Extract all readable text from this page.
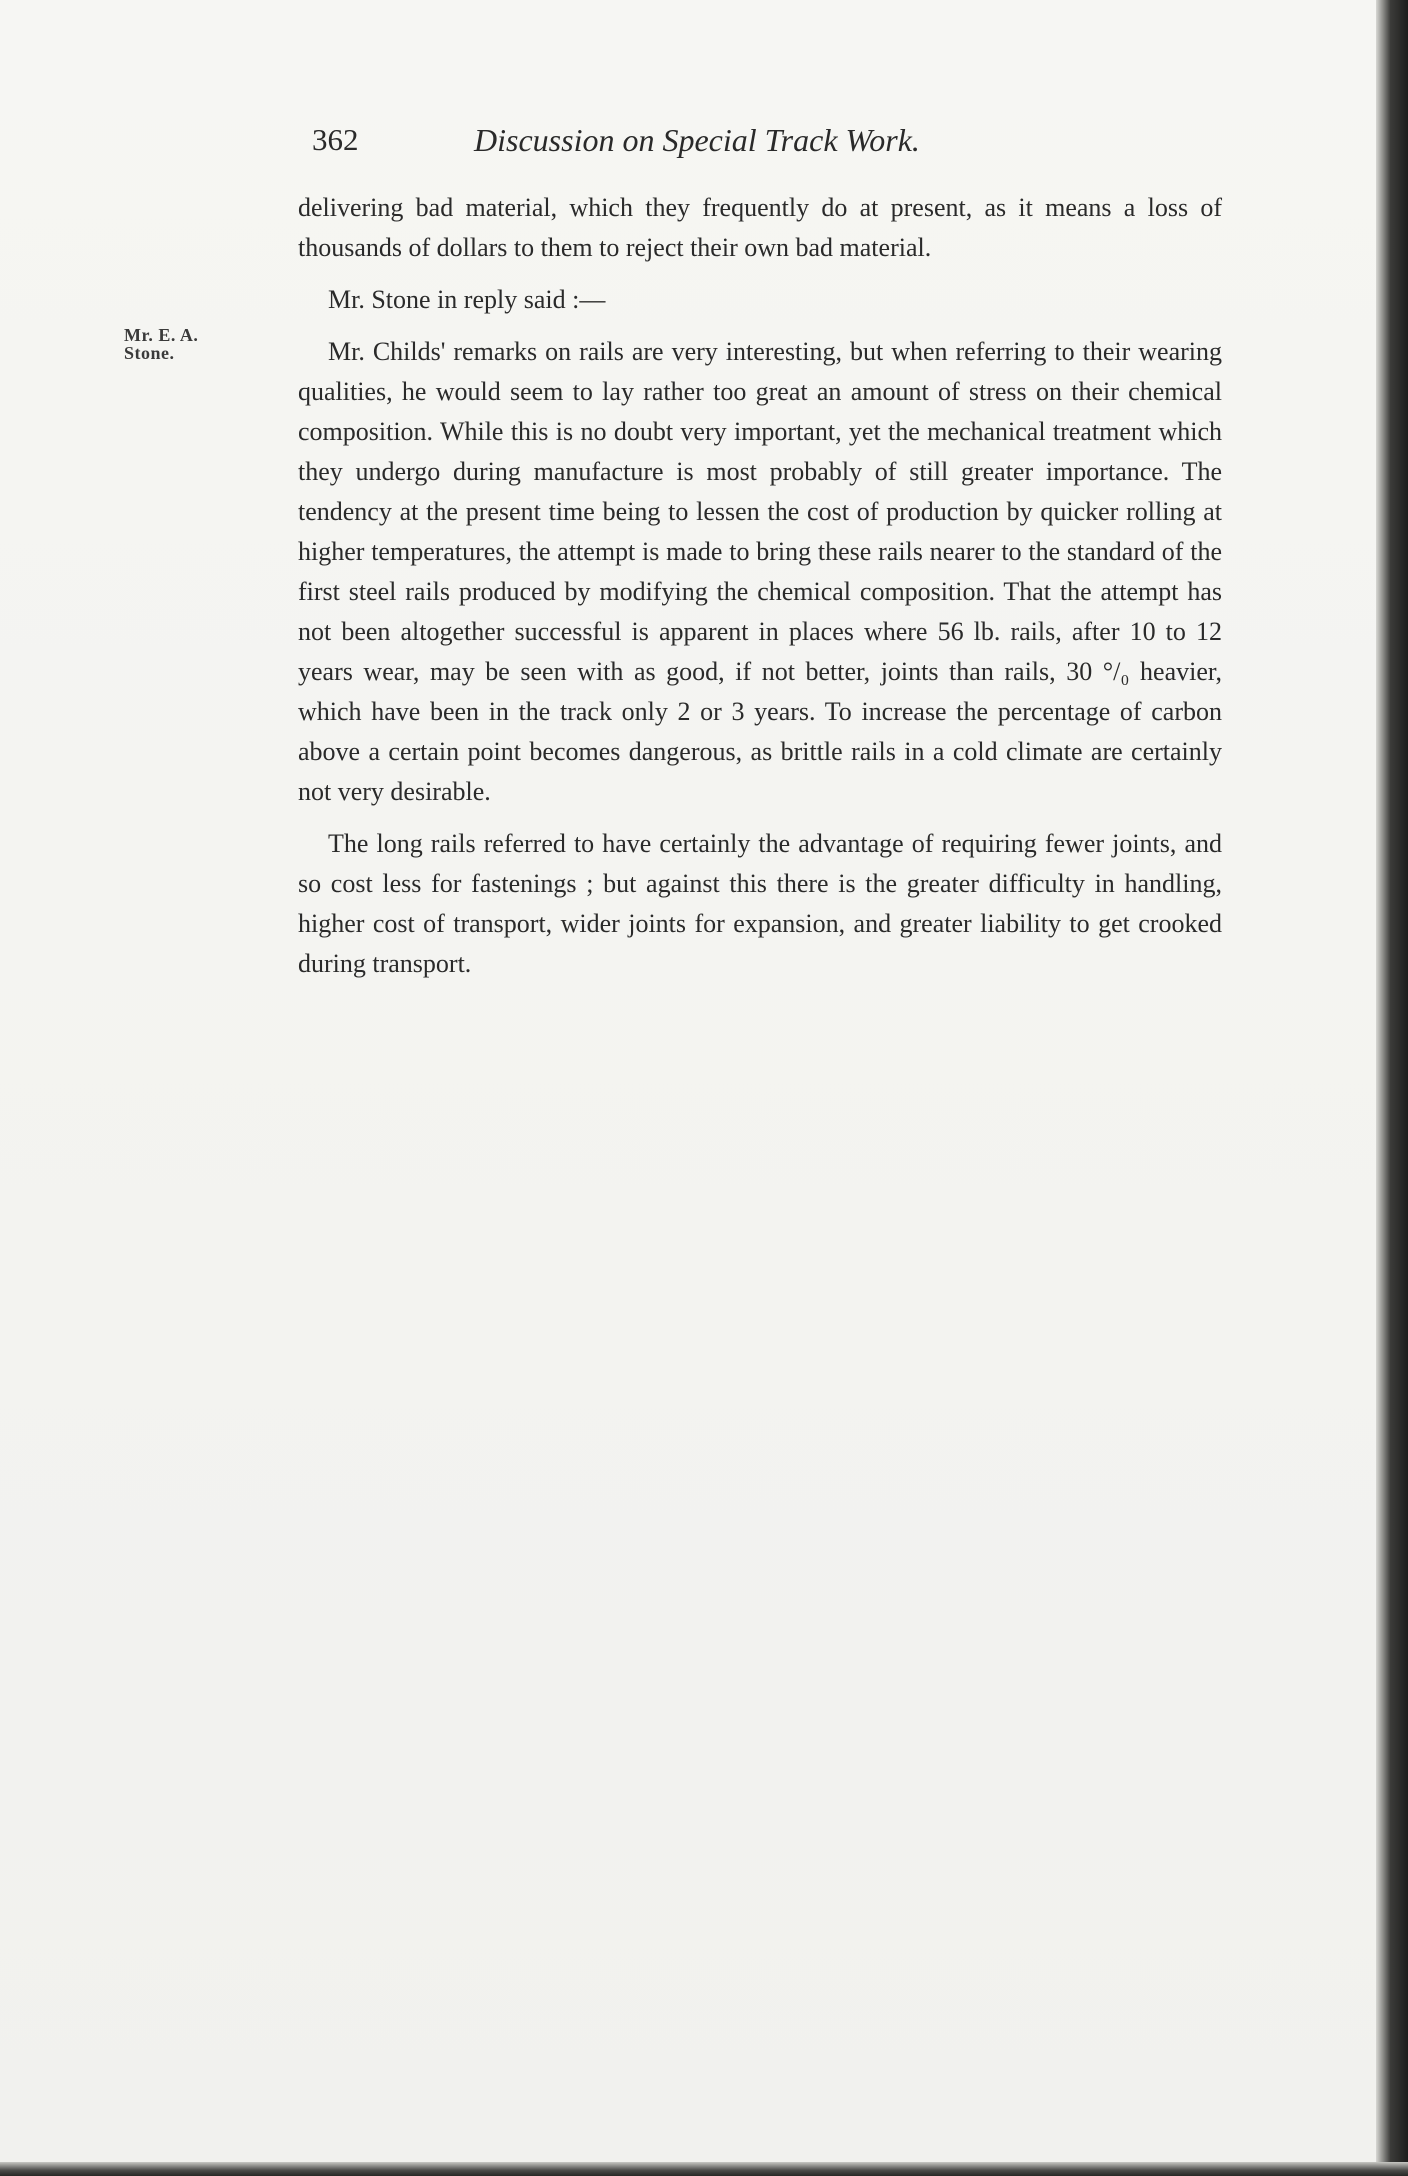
362	Discussion on Special Track Work.
Mr. E. A.
Stone.

delivering bad material, which they frequently do at present, as it means a loss of thousands of dollars to them to reject their own bad material.

Mr. Stone in reply said :—

Mr. Childs' remarks on rails are very interesting, but when referring to their wearing qualities, he would seem to lay rather too great an amount of stress on their chemical composition. While this is no doubt very important, yet the mechanical treatment which they undergo during manufacture is most probably of still greater importance. The tendency at the present time being to lessen the cost of production by quicker rolling at higher temperatures, the attempt is made to bring these rails nearer to the standard of the first steel rails produced by modifying the chemical composition. That the attempt has not been altogether successful is apparent in places where 56 lb. rails, after 10 to 12 years wear, may be seen with as good, if not better, joints than rails, 30 °/₀ heavier, which have been in the track only 2 or 3 years. To increase the percentage of carbon above a certain point becomes dangerous, as brittle rails in a cold climate are certainly not very desirable.

The long rails referred to have certainly the advantage of requiring fewer joints, and so cost less for fastenings ; but against this there is the greater difficulty in handling, higher cost of transport, wider joints for expansion, and greater liability to get crooked during transport.
